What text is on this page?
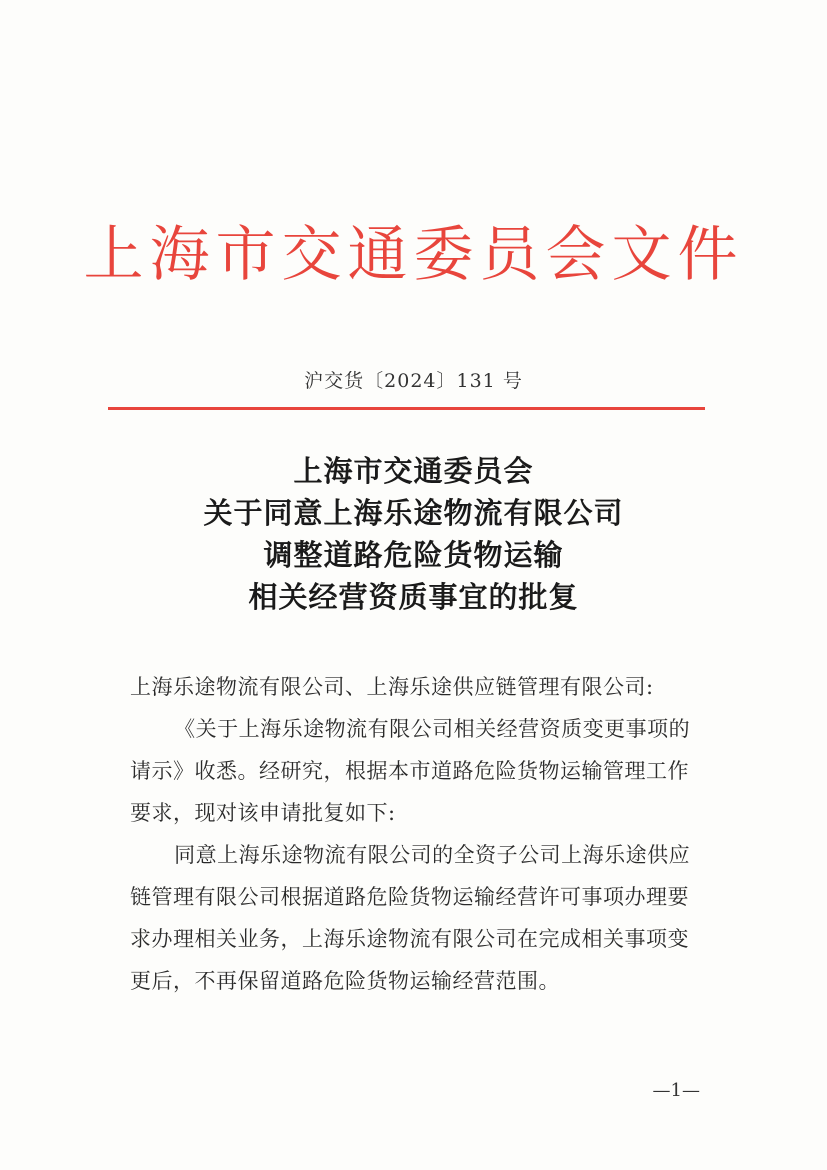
上海市交通委员会文件
沪交货〔2024〕131 号
上海市交通委员会
关于同意上海乐途物流有限公司
调整道路危险货物运输
相关经营资质事宜的批复

上海乐途物流有限公司、上海乐途供应链管理有限公司:

《关于上海乐途物流有限公司相关经营资质变更事项的请示》收悉。经研究，根据本市道路危险货物运输管理工作要求，现对该申请批复如下:

同意上海乐途物流有限公司的全资子公司上海乐途供应链管理有限公司根据道路危险货物运输经营许可事项办理要求办理相关业务，上海乐途物流有限公司在完成相关事项变更后，不再保留道路危险货物运输经营范围。

—1—
